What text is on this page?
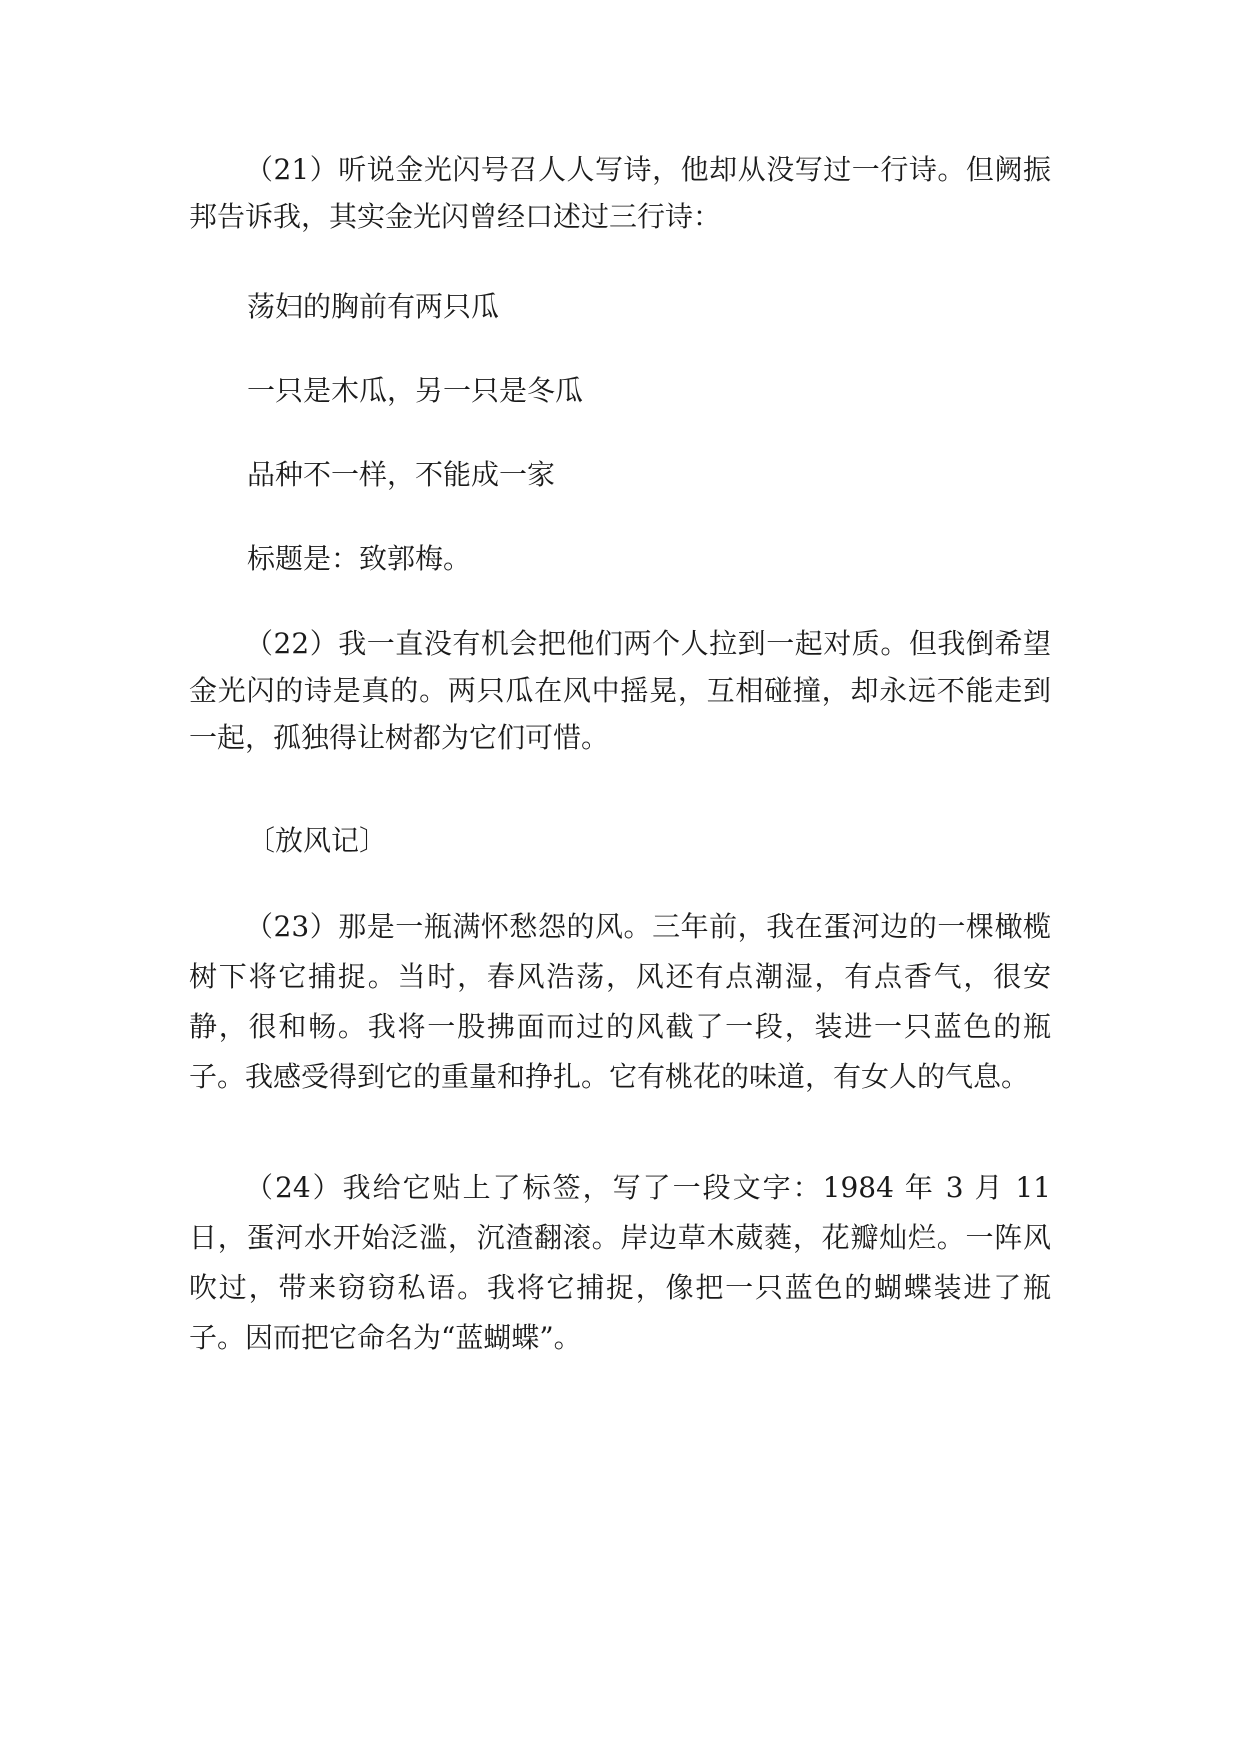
（21）听说金光闪号召人人写诗，他却从没写过一行诗。但阙振邦告诉我，其实金光闪曾经口述过三行诗：

荡妇的胸前有两只瓜

一只是木瓜，另一只是冬瓜

品种不一样，不能成一家

标题是：致郭梅。

（22）我一直没有机会把他们两个人拉到一起对质。但我倒希望金光闪的诗是真的。两只瓜在风中摇晃，互相碰撞，却永远不能走到一起，孤独得让树都为它们可惜。

〔放风记〕

（23）那是一瓶满怀愁怨的风。三年前，我在蛋河边的一棵橄榄树下将它捕捉。当时，春风浩荡，风还有点潮湿，有点香气，很安静，很和畅。我将一股拂面而过的风截了一段，装进一只蓝色的瓶子。我感受得到它的重量和挣扎。它有桃花的味道，有女人的气息。

（24）我给它贴上了标签，写了一段文字：1984 年 3 月 11 日，蛋河水开始泛滥，沉渣翻滚。岸边草木葳蕤，花瓣灿烂。一阵风吹过，带来窃窃私语。我将它捕捉，像把一只蓝色的蝴蝶装进了瓶子。因而把它命名为“蓝蝴蝶”。
